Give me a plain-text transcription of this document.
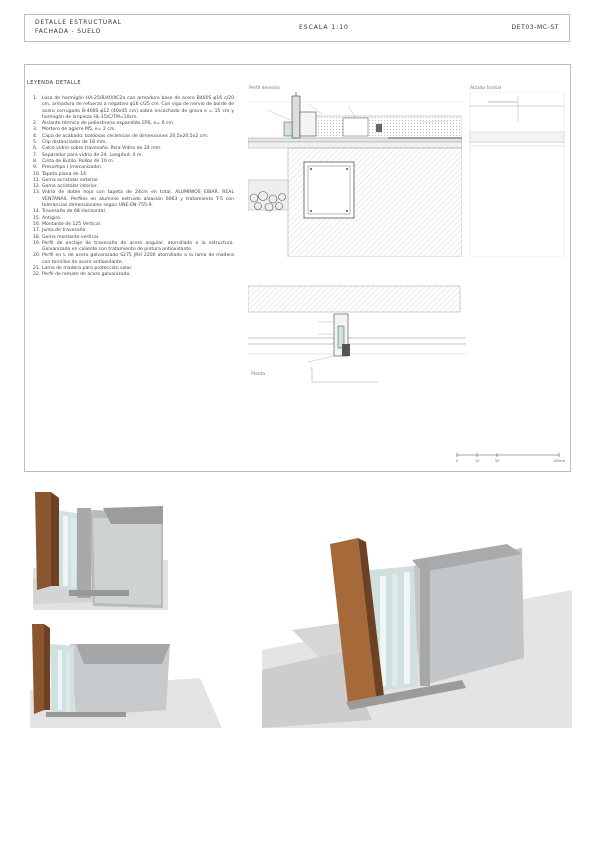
DETALLE ESTRUCTURAL
FACHADA - SUELO
ESCALA 1:10	DET03-MC-ST
LEYENDA DETALLE
1.	Losa de hormigón HA-25/B/40/XC2a con armadura base de acero B400S φ16 c/20 cm, armadura de refuerzo a negativo φ16 c/25 cm. Con viga de nervio de borde de acero corrugado B-400S φ12 (40x45 cm) sobre encachado de grava e = 15 cm y hormigón de limpieza HL-15/C/TM=10cm.
2.	Aislante térmico de poliestireno expandido EPS, e= 6 cm.
3.	Mortero de agarre M5, e= 2 cm.
4.	Capa de acabado: baldosas cerámicas de dimensiones 20,5x20,5x2 cm.
5.	Clip distanciador de 18 mm.
6.	Calce vidrio sobre travesaño. Para Vidrio de 24 mm.
7.	Separador para vidrio de 24. Longitud: 4 m.
8.	Cinta de Butilo. Rollos de 10 m.
9.	Presortipo I (mecanizado).
10. Tapeta plana de 14.
11. Goma acristalar exterior.
12. Goma acristalar interior.
13. Vidrio de doble hoja con tapeta de 24cm en total. ALUMINIOS EIBAR. REAL VENTANAS. Perfiles en aluminio extruido aleación 6063 y tratamiento T-5 con tolerancias dimensionales según UNE-EN-755-9.
14. Travesaño de 68 Horizontal.
15. Antigiro.
16. Montante de 125 Vertical.
17. Junta de travesaño.
18. Goma montante vertical.
19. Perfil de anclaje de travesaño de acero angular, atornillado a la estructura. Galvanizado en caliente con tratamiento de pintura antioxidante.
20. Perfil en L de acero galvanizado S275 JRH 2200 atornillado a la lama de madera con tornillos de acero antioxidante.
21. Lama de madera para protección solar.
22. Perfil de remate de acero galvanizado.
Perfil derecho	Alzado frontal
Planta
0	10	50	100cm
